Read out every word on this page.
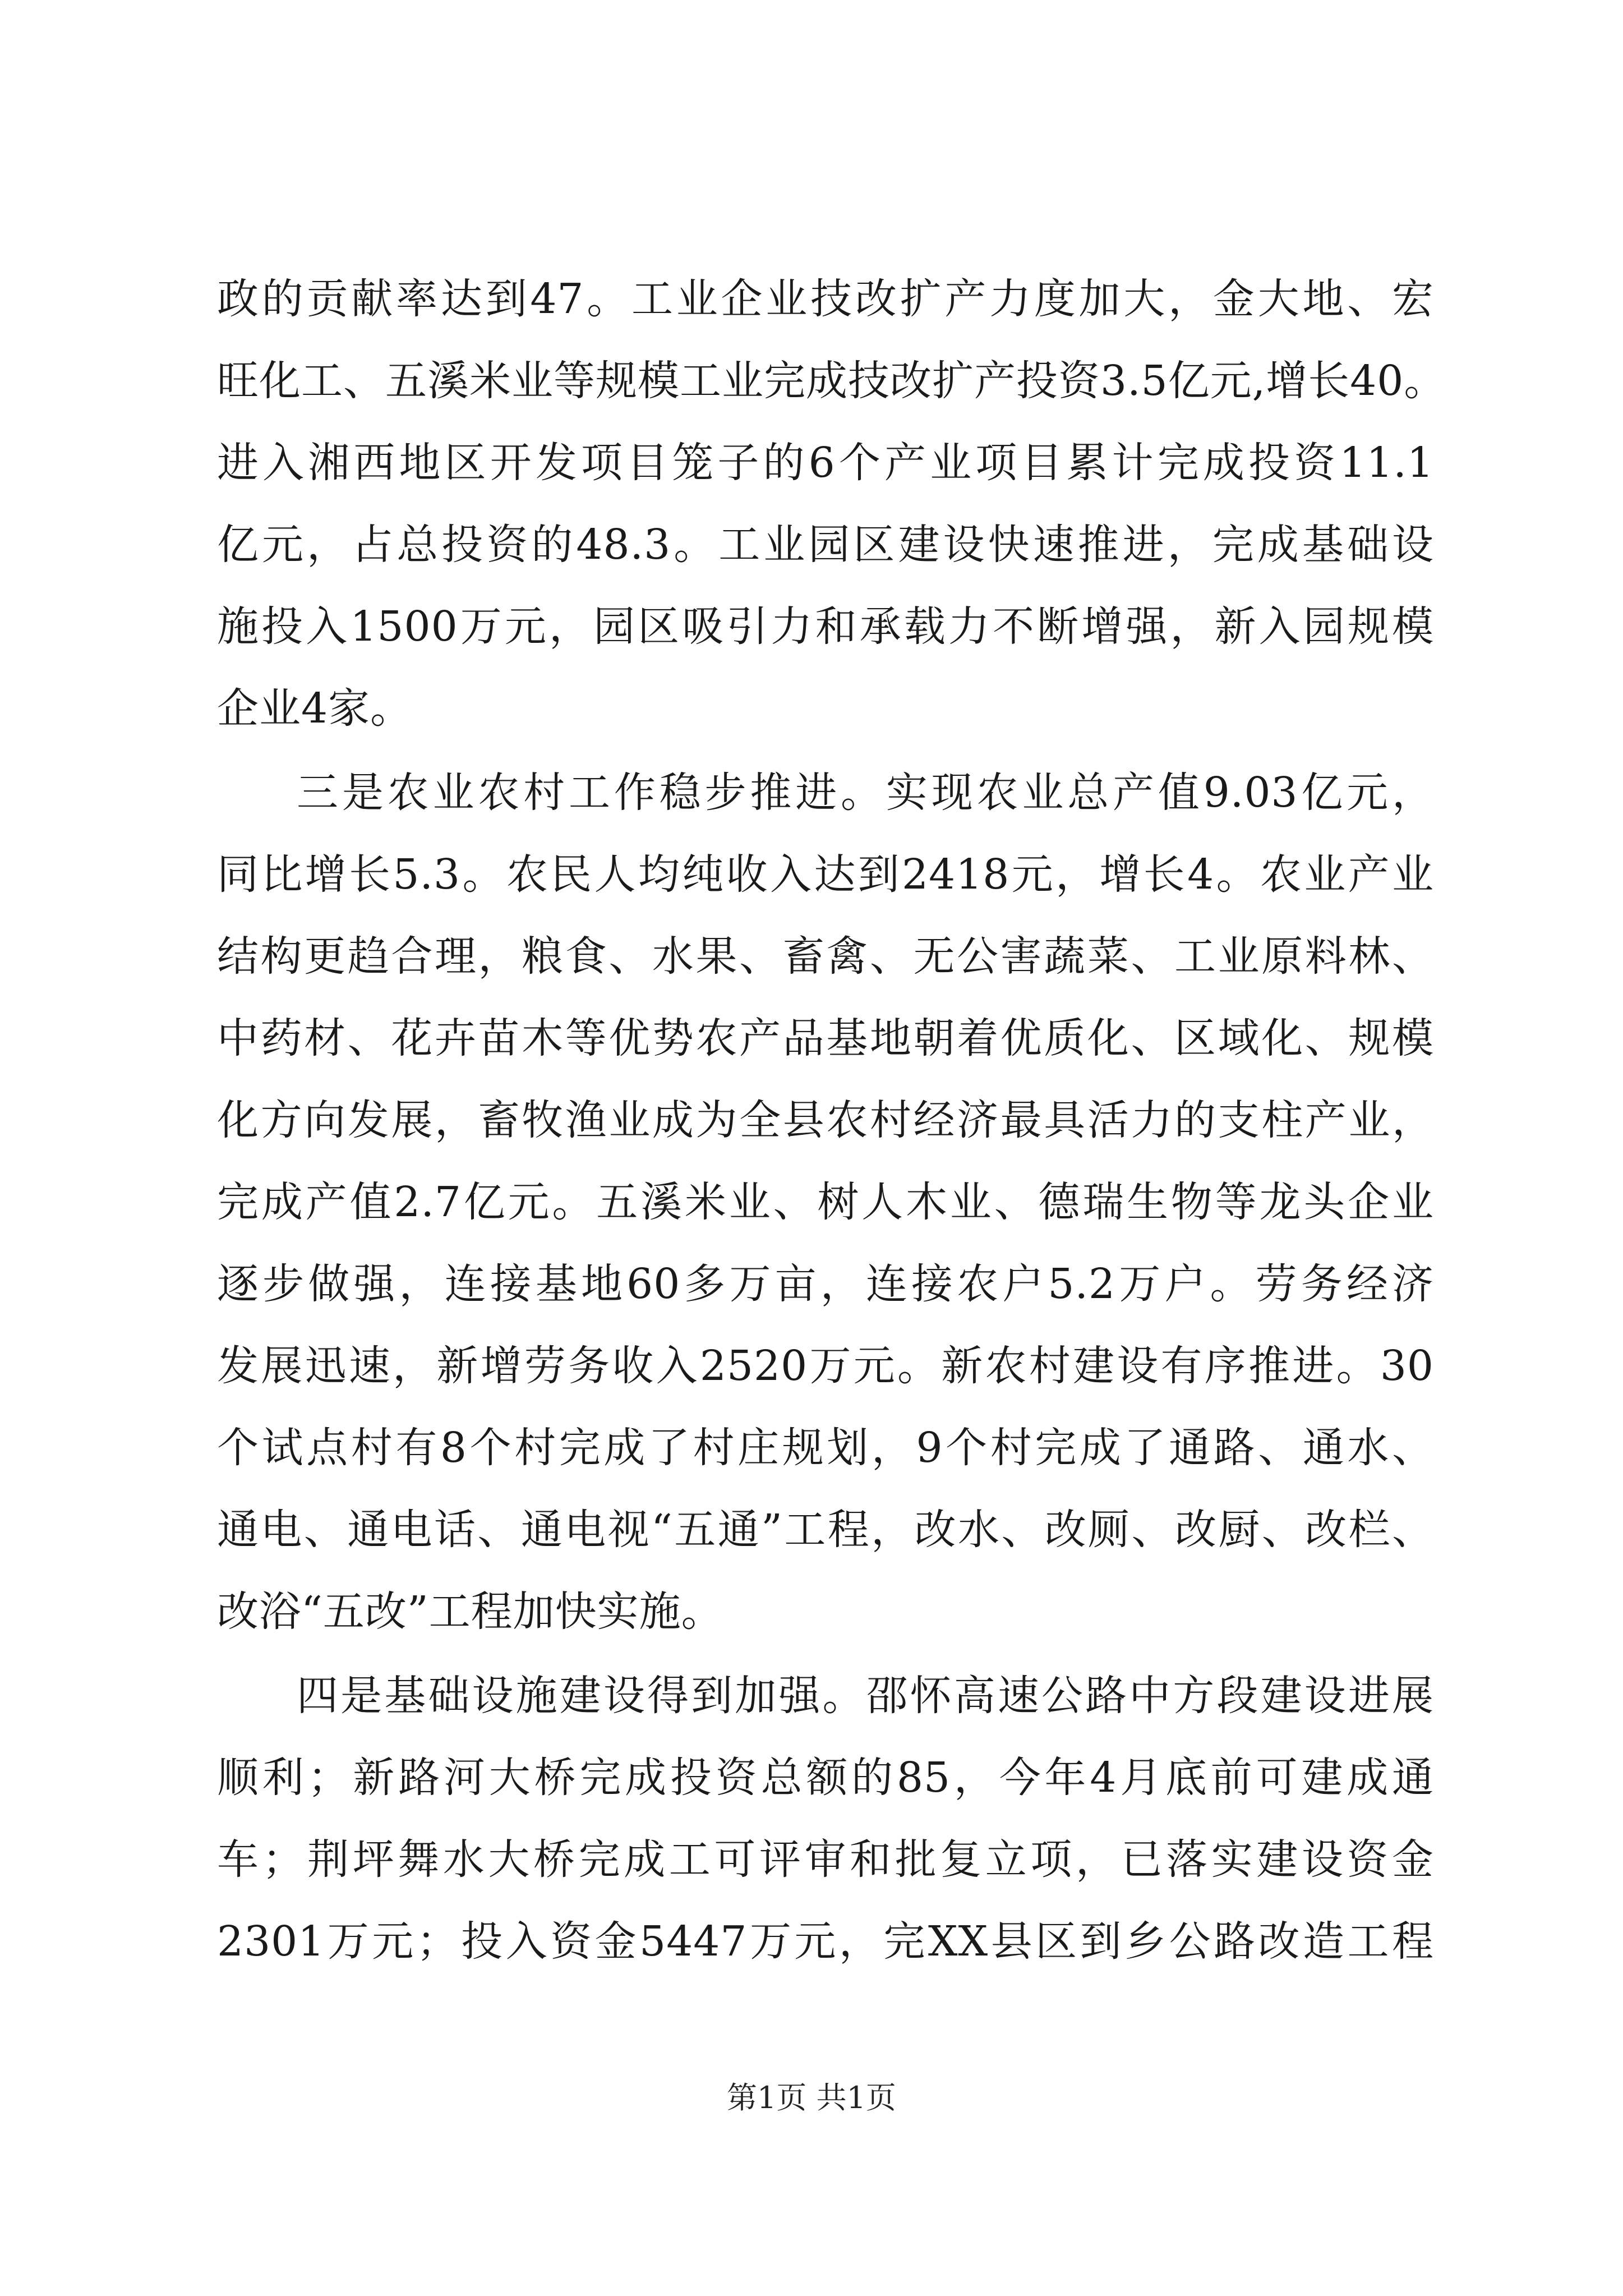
政的贡献率达到47。工业企业技改扩产力度加大，金大地、宏
旺化工、五溪米业等规模工业完成技改扩产投资3.5亿元,增长40。
进入湘西地区开发项目笼子的6个产业项目累计完成投资11.1
亿元，占总投资的48.3。工业园区建设快速推进，完成基础设
施投入1500万元，园区吸引力和承载力不断增强，新入园规模
企业4家。
三是农业农村工作稳步推进。实现农业总产值9.03亿元，
同比增长5.3。农民人均纯收入达到2418元，增长4。农业产业
结构更趋合理，粮食、水果、畜禽、无公害蔬菜、工业原料林、
中药材、花卉苗木等优势农产品基地朝着优质化、区域化、规模
化方向发展，畜牧渔业成为全县农村经济最具活力的支柱产业，
完成产值2.7亿元。五溪米业、树人木业、德瑞生物等龙头企业
逐步做强，连接基地60多万亩，连接农户5.2万户。劳务经济
发展迅速，新增劳务收入2520万元。新农村建设有序推进。30
个试点村有8个村完成了村庄规划，9个村完成了通路、通水、
通电、通电话、通电视“五通”工程，改水、改厕、改厨、改栏、
改浴“五改”工程加快实施。
四是基础设施建设得到加强。邵怀高速公路中方段建设进展
顺利；新路河大桥完成投资总额的85，今年4月底前可建成通
车；荆坪舞水大桥完成工可评审和批复立项，已落实建设资金
2301万元；投入资金5447万元，完XX县区到乡公路改造工程
第1页 共1页
